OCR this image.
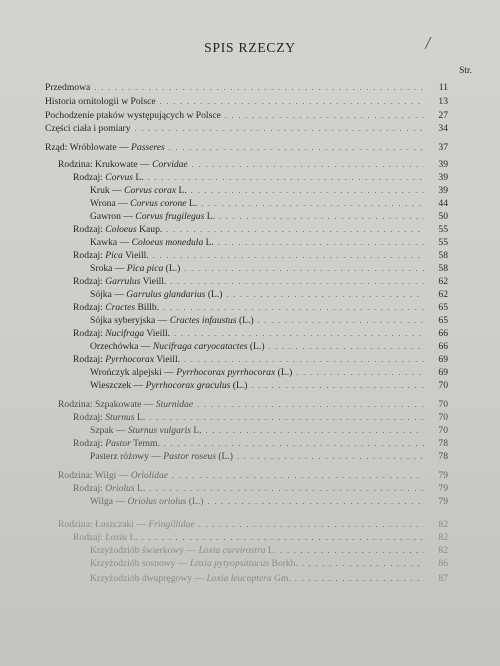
SPIS RZECZY
Str.
Przedmowa . . .	11
Historia ornitologii w Polsce . . .	13
Pochodzenie ptaków występujących w Polsce . . .	27
Części ciała i pomiary . . .	34
Rząd: Wróblowate — Passeres . . .	37
Rodzina: Krukowate — Corvidae . . .	39
Rodzaj: Corvus L. . . .	39
Kruk — Corvus corax L. . . .	39
Wrona — Corvus corone L. . . .	44
Gawron — Corvus frugilegus L. . . .	50
Rodzaj: Coloeus Kaup. . . .	55
Kawka — Coloeus monedula L. . . .	55
Rodzaj: Pica Vieill. . . .	58
Sroka — Pica pica (L.) . . .	58
Rodzaj: Garrulus Vieill. . . .	62
Sójka — Garrulus glandarius (L.) . . .	62
Rodzaj: Cractes Billb. . . .	65
Sójka syberyjska — Cractes infaustus (L.) . . .	65
Rodzaj: Nucifraga Vieill. . . .	66
Orzechówka — Nucifraga caryocatactes (L.) . . .	66
Rodzaj: Pyrrhocorax Vieill. . . .	69
Wrończyk alpejski — Pyrrhocorax pyrrhocorax (L.) . . .	69
Wieszczek — Pyrrhocorax graculus (L.) . . .	70
Rodzina: Szpakowate — Sturnidae . . .	70
Rodzaj: Sturnus L. . . .	70
Szpak — Sturnus vulgaris L. . . .	70
Rodzaj: Pastor Temm. . . .	78
Pasterz różowy — Pastor roseus (L.) . . .	78
Rodzina: Wilgi — Oriolidae . . .	79
Rodzaj: Oriolus L. . . .	79
Wilga — Oriolus oriolus (L.) . . .	79
Rodzina: Łuszczaki — Fringillidae . . .	82
Rodzaj: Loxia L. . . .	82
Krzyżodziób świerkowy — Loxia curvirostra L. . . .	82
Krzyżodziób sosnowy — Loxia pytyopsittacus Borkh. . . .	86
Krzyżodziób dwupręgowy — Loxia leucoptera Gm. . . .	87
